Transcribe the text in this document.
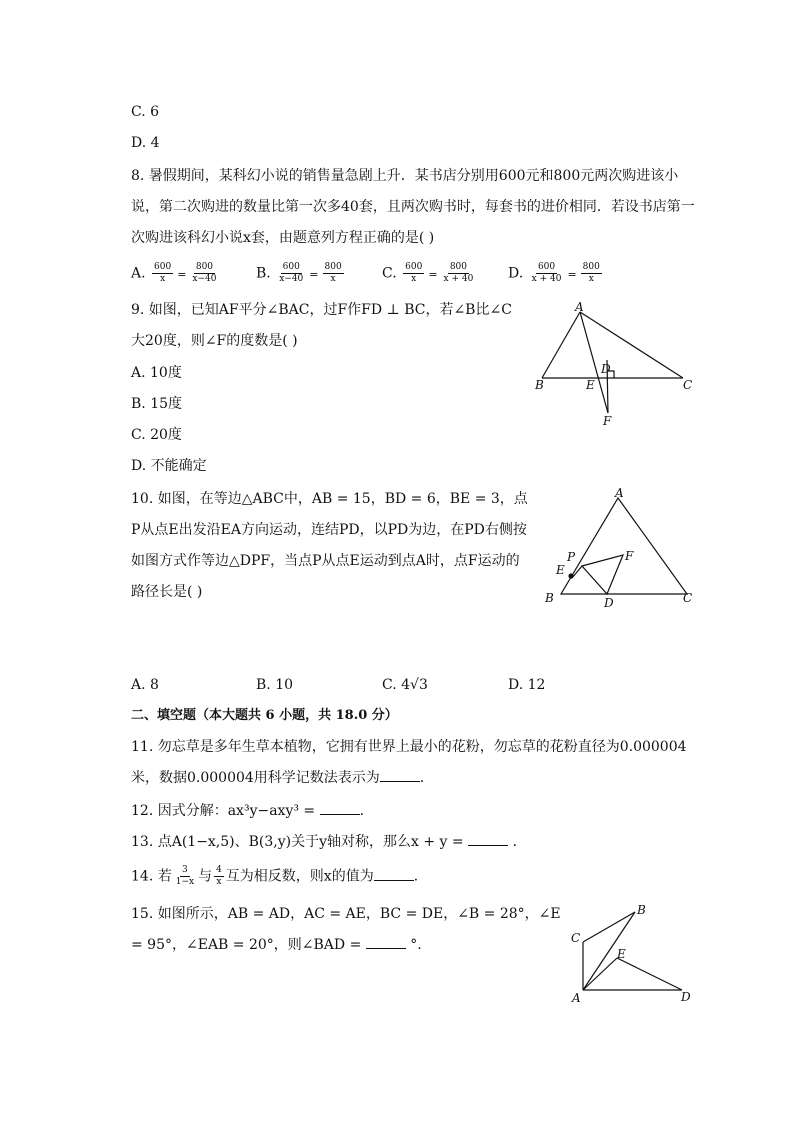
C. 6
D. 4
8. 暑假期间，某科幻小说的销售量急剧上升．某书店分别用600元和800元两次购进该小说，第二次购进的数量比第一次多40套，且两次购书时，每套书的进价相同．若设书店第一次购进该科幻小说x套，由题意列方程正确的是( )
A. $\frac{600}{x} = \frac{800}{x-40}$	B. $\frac{600}{x-40} = \frac{800}{x}$	C. $\frac{600}{x} = \frac{800}{x + 40} D$. $\frac{600}{x + 40} = \frac{800}{x}$
9. 如图，已知AF平分∠BAC，过F作FD ⊥ BC，若∠B比∠C大20度，则∠F的度数是( )
A. 10度
B. 15度
C. 20度
D. 不能确定
A
B	C
D
E
F
10. 如图，在等边△ABC中，AB = 15，BD = 6，BE = 3，点P从点E出发沿EA方向运动，连结PD，以PD为边，在PD右侧按如图方式作等边△DPF，当点P从点E运动到点A时，点F运动的路径长是( )
A
B	C
D
E
F
P
A. 8	B. 10	C. 4√3	D. 12
二、填空题（本大题共 6 小题，共 18.0 分）
11. 勿忘草是多年生草本植物，它拥有世界上最小的花粉，勿忘草的花粉直径为0.000004米，数据0.000004用科学记数法表示为	．
12. 因式分解：ax³y−axy³ =	.
13. 点A(1−x,5)、B(3,y)关于y轴对称，那么x + y =	．
14. 若 $\frac{3}{1-x}$ 与 $\frac{4}{x}$ 互为相反数，则x的值为	．
15. 如图所示，AB = AD，AC = AE，BC = DE，∠B = 28°，∠E = 95°，∠EAB = 20°，则∠BAD =	°.
A
B
C
D
E
